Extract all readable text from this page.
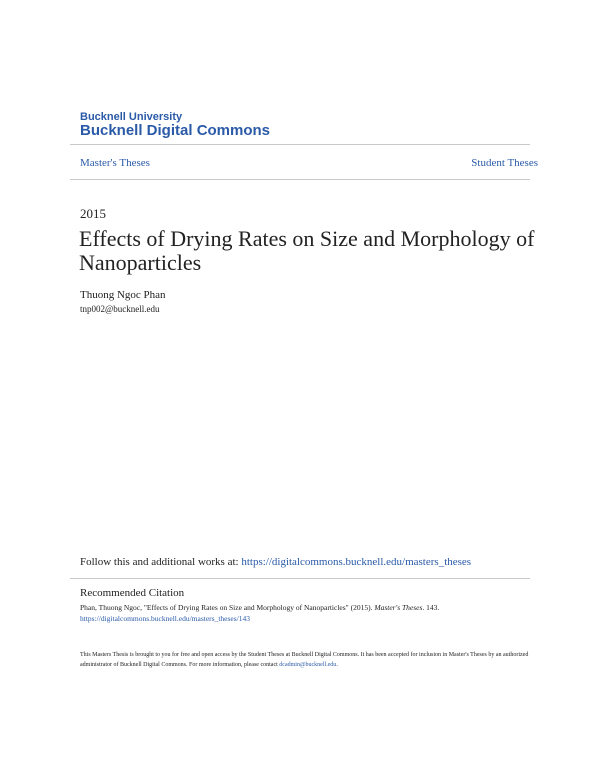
Bucknell University
Bucknell Digital Commons
Master's Theses	Student Theses
2015
Effects of Drying Rates on Size and Morphology of Nanoparticles
Thuong Ngoc Phan
tnp002@bucknell.edu
Follow this and additional works at: https://digitalcommons.bucknell.edu/masters_theses
Recommended Citation
Phan, Thuong Ngoc, "Effects of Drying Rates on Size and Morphology of Nanoparticles" (2015). Master's Theses. 143.
https://digitalcommons.bucknell.edu/masters_theses/143
This Masters Thesis is brought to you for free and open access by the Student Theses at Bucknell Digital Commons. It has been accepted for inclusion in Master's Theses by an authorized administrator of Bucknell Digital Commons. For more information, please contact dcadmin@bucknell.edu.
